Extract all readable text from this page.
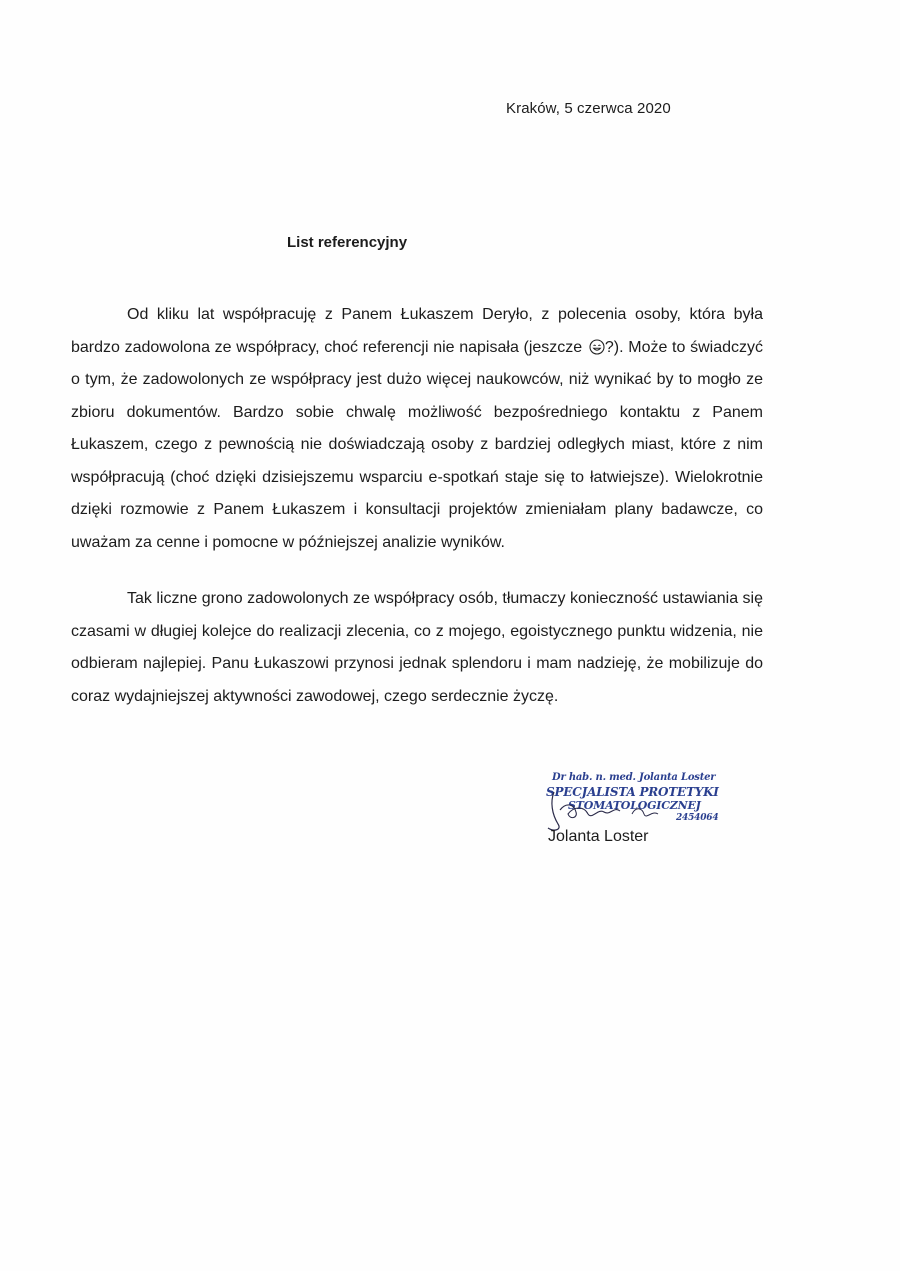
Kraków, 5 czerwca 2020
List referencyjny

Od kliku lat współpracuję z Panem Łukaszem Deryło, z polecenia osoby, która była bardzo zadowolona ze współpracy, choć referencji nie napisała (jeszcze ?). Może to świadczyć o tym, że zadowolonych ze współpracy jest dużo więcej naukowców, niż wynikać by to mogło ze zbioru dokumentów. Bardzo sobie chwalę możliwość bezpośredniego kontaktu z Panem Łukaszem, czego z pewnością nie doświadczają osoby z bardziej odległych miast, które z nim współpracują (choć dzięki dzisiejszemu wsparciu e-spotkań staje się to łatwiejsze). Wielokrotnie dzięki rozmowie z Panem Łukaszem i konsultacji projektów zmieniałam plany badawcze, co uważam za cenne i pomocne w późniejszej analizie wyników.

Tak liczne grono zadowolonych ze współpracy osób, tłumaczy konieczność ustawiania się czasami w długiej kolejce do realizacji zlecenia, co z mojego, egoistycznego punktu widzenia, nie odbieram najlepiej. Panu Łukaszowi przynosi jednak splendoru i mam nadzieję, że mobilizuje do coraz wydajniejszej aktywności zawodowej, czego serdecznie życzę.

Dr hab. n. med. Jolanta Loster
SPECJALISTA PROTETYKI
STOMATOLOGICZNEJ
2454064
Jolanta Loster
